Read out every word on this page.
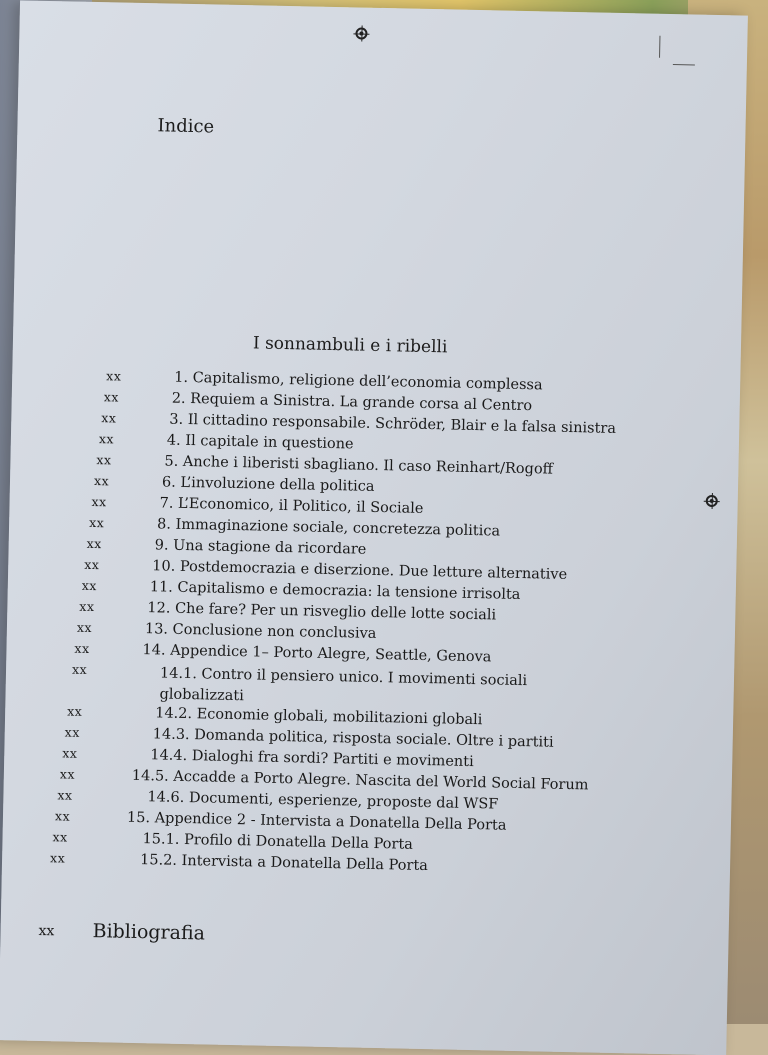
Indice
I sonnambuli e i ribelli
xx	1. Capitalismo, religione dell’economia complessa
xx	2. Requiem a Sinistra. La grande corsa al Centro
xx	3. Il cittadino responsabile. Schröder, Blair e la falsa sinistra
xx	4. Il capitale in questione
xx	5. Anche i liberisti sbagliano. Il caso Reinhart/Rogoff
xx	6. L’involuzione della politica
xx	7. L’Economico, il Politico, il Sociale
xx	8. Immaginazione sociale, concretezza politica
xx	9. Una stagione da ricordare
xx	10. Postdemocrazia e diserzione. Due letture alternative
xx	11. Capitalismo e democrazia: la tensione irrisolta
xx	12. Che fare? Per un risveglio delle lotte sociali
xx	13. Conclusione non conclusiva
xx	14. Appendice 1– Porto Alegre, Seattle, Genova
xx	14.1. Contro il pensiero unico. I movimenti sociali globalizzati
xx	14.2. Economie globali, mobilitazioni globali
xx	14.3. Domanda politica, risposta sociale. Oltre i partiti
xx	14.4. Dialoghi fra sordi? Partiti e movimenti
xx	14.5. Accadde a Porto Alegre. Nascita del World Social Forum
xx	14.6. Documenti, esperienze, proposte dal WSF
xx	15. Appendice 2 - Intervista a Donatella Della Porta
xx	15.1. Profilo di Donatella Della Porta
xx	15.2. Intervista a Donatella Della Porta
xx Bibliografia
